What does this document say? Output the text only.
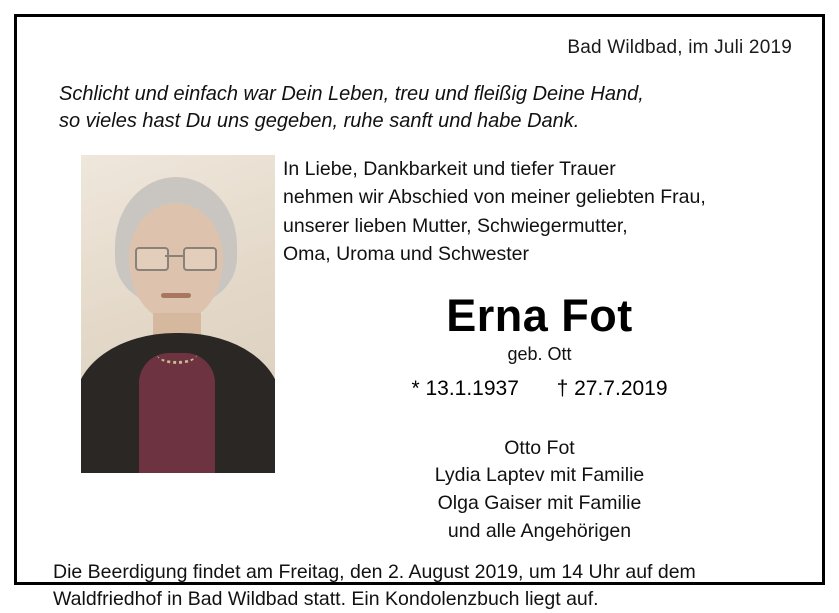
Bad Wildbad, im Juli 2019
Schlicht und einfach war Dein Leben, treu und fleißig Deine Hand,
so vieles hast Du uns gegeben, ruhe sanft und habe Dank.
In Liebe, Dankbarkeit und tiefer Trauer
nehmen wir Abschied von meiner geliebten Frau,
unserer lieben Mutter, Schwiegermutter,
Oma, Uroma und Schwester
Erna Fot
geb. Ott
* 13.1.1937 † 27.7.2019
Otto Fot
Lydia Laptev mit Familie
Olga Gaiser mit Familie
und alle Angehörigen
Die Beerdigung findet am Freitag, den 2. August 2019, um 14 Uhr auf dem
Waldfriedhof in Bad Wildbad statt. Ein Kondolenzbuch liegt auf.
